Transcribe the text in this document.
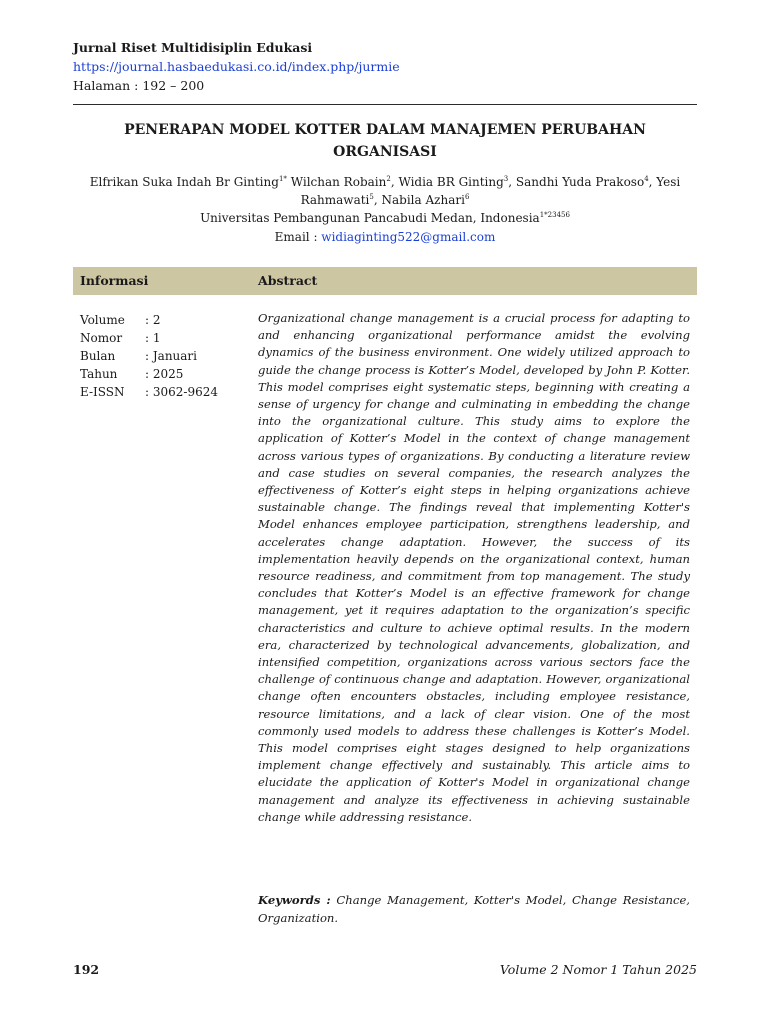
Jurnal Riset Multidisiplin Edukasi
https://journal.hasbaedukasi.co.id/index.php/jurmie
Halaman : 192 – 200
PENERAPAN MODEL KOTTER DALAM MANAJEMEN PERUBAHAN
ORGANISASI
Elfrikan Suka Indah Br Ginting$^{1*}$ Wilchan Robain$^2$, Widia BR Ginting$^3$, Sandhi Yuda Prakoso$^4$, Yesi Rahmawati$^5$, Nabila Azhari$^6$
Universitas Pembangunan Pancabudi Medan, Indonesia$^{1*23456}$
Email : widiaginting522@gmail.com
Informasi	Abstract
Volume : 2
Nomor : 1
Bulan : Januari
Tahun : 2025
E-ISSN : 3062-9624

Organizational change management is a crucial process for adapting to and enhancing organizational performance amidst the evolving dynamics of the business environment. One widely utilized approach to guide the change process is Kotter’s Model, developed by John P. Kotter. This model comprises eight systematic steps, beginning with creating a sense of urgency for change and culminating in embedding the change into the organizational culture. This study aims to explore the application of Kotter’s Model in the context of change management across various types of organizations. By conducting a literature review and case studies on several companies, the research analyzes the effectiveness of Kotter’s eight steps in helping organizations achieve sustainable change. The findings reveal that implementing Kotter's Model enhances employee participation, strengthens leadership, and accelerates change adaptation. However, the success of its implementation heavily depends on the organizational context, human resource readiness, and commitment from top management. The study concludes that Kotter’s Model is an effective framework for change management, yet it requires adaptation to the organization’s specific characteristics and culture to achieve optimal results. In the modern era, characterized by technological advancements, globalization, and intensified competition, organizations across various sectors face the challenge of continuous change and adaptation. However, organizational change often encounters obstacles, including employee resistance, resource limitations, and a lack of clear vision. One of the most commonly used models to address these challenges is Kotter’s Model. This model comprises eight stages designed to help organizations implement change effectively and sustainably. This article aims to elucidate the application of Kotter's Model in organizational change management and analyze its effectiveness in achieving sustainable change while addressing resistance.

Keywords : Change Management, Kotter's Model, Change Resistance, Organization.
192	Volume 2 Nomor 1 Tahun 2025
